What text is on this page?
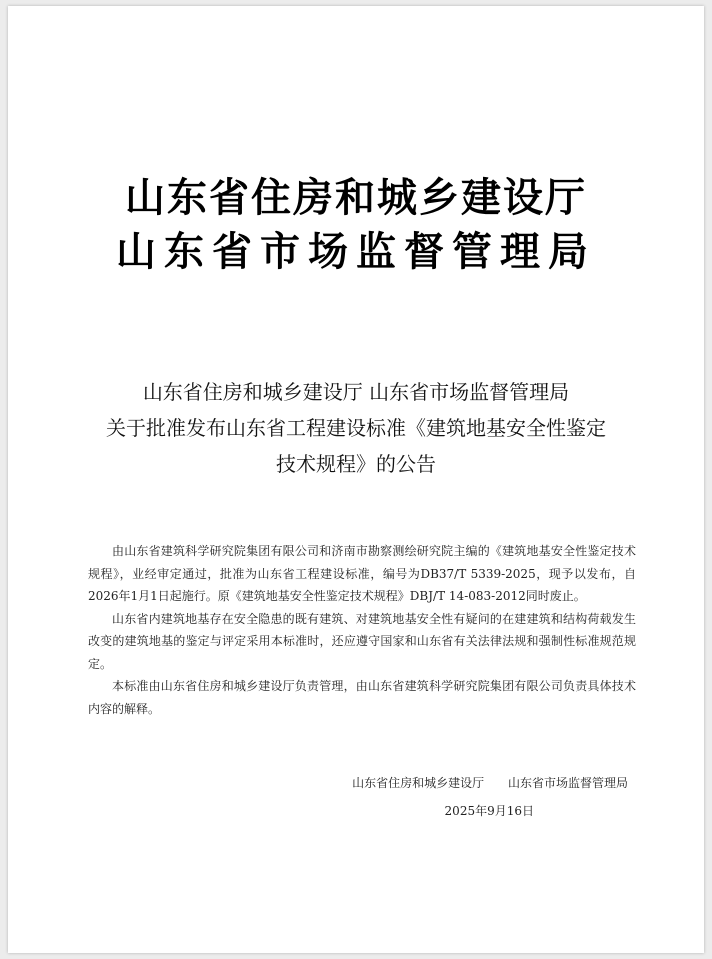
山东省住房和城乡建设厅
山东省市场监督管理局
山东省住房和城乡建设厅 山东省市场监督管理局
关于批准发布山东省工程建设标准《建筑地基安全性鉴定
技术规程》的公告

由山东省建筑科学研究院集团有限公司和济南市勘察测绘研究院主编的《建筑地基安全性鉴定技术规程》，业经审定通过，批准为山东省工程建设标准，编号为DB37/T 5339-2025，现予以发布，自2026年1月1日起施行。原《建筑地基安全性鉴定技术规程》DBJ/T 14-083-2012同时废止。

山东省内建筑地基存在安全隐患的既有建筑、对建筑地基安全性有疑问的在建建筑和结构荷载发生改变的建筑地基的鉴定与评定采用本标准时，还应遵守国家和山东省有关法律法规和强制性标准规范规定。

本标准由山东省住房和城乡建设厅负责管理，由山东省建筑科学研究院集团有限公司负责具体技术内容的解释。

山东省住房和城乡建设厅 山东省市场监督管理局
2025年9月16日
